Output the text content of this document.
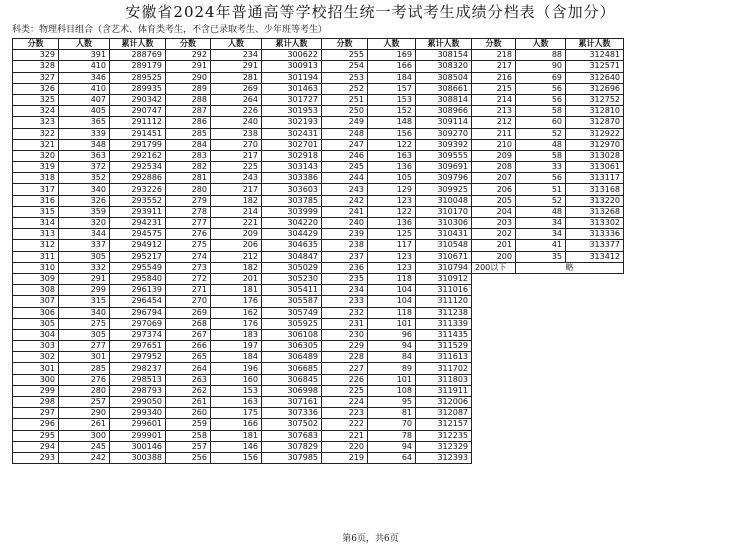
安徽省2024年普通高等学校招生统一考试考生成绩分档表（含加分）
科类：物理科目组合（含艺术、体育类考生，不含已录取考生、少年班等考生）
分数	人数	累计人数
329	391	288769
328	410	289179
327	346	289525
326	410	289935
325	407	290342
324	405	290747
323	365	291112
322	339	291451
321	348	291799
320	363	292162
319	372	292534
318	352	292886
317	340	293226
316	326	293552
315	359	293911
314	320	294231
313	344	294575
312	337	294912
311	305	295217
310	332	295549
309	291	295840
308	299	296139
307	315	296454
306	340	296794
305	275	297069
304	305	297374
303	277	297651
302	301	297952
301	285	298237
300	276	298513
299	280	298793
298	257	299050
297	290	299340
296	261	299601
295	300	299901
294	245	300146
293	242	300388
分数	人数	累计人数
292	234	300622
291	291	300913
290	281	301194
289	269	301463
288	264	301727
287	226	301953
286	240	302193
285	238	302431
284	270	302701
283	217	302918
282	225	303143
281	243	303386
280	217	303603
279	182	303785
278	214	303999
277	221	304220
276	209	304429
275	206	304635
274	212	304847
273	182	305029
272	201	305230
271	181	305411
270	176	305587
269	162	305749
268	176	305925
267	183	306108
266	197	306305
265	184	306489
264	196	306685
263	160	306845
262	153	306998
261	163	307161
260	175	307336
259	166	307502
258	181	307683
257	146	307829
256	156	307985
分数	人数	累计人数
255	169	308154
254	166	308320
253	184	308504
252	157	308661
251	153	308814
250	152	308966
249	148	309114
248	156	309270
247	122	309392
246	163	309555
245	136	309691
244	105	309796
243	129	309925
242	123	310048
241	122	310170
240	136	310306
239	125	310431
238	117	310548
237	123	310671
236	123	310794
235	118	310912
234	104	311016
233	104	311120
232	118	311238
231	101	311339
230	96	311435
229	94	311529
228	84	311613
227	89	311702
226	101	311803
225	108	311911
224	95	312006
223	81	312087
222	70	312157
221	78	312235
220	94	312329
219	64	312393
分数	人数	累计人数
218	88	312481
217	90	312571
216	69	312640
215	56	312696
214	56	312752
213	58	312810
212	60	312870
211	52	312922
210	48	312970
209	58	313028
208	33	313061
207	56	313117
206	51	313168
205	52	313220
204	48	313268
203	34	313302
202	34	313336
201	41	313377
200	35	313412
200以下	略	
第6页，共6页
